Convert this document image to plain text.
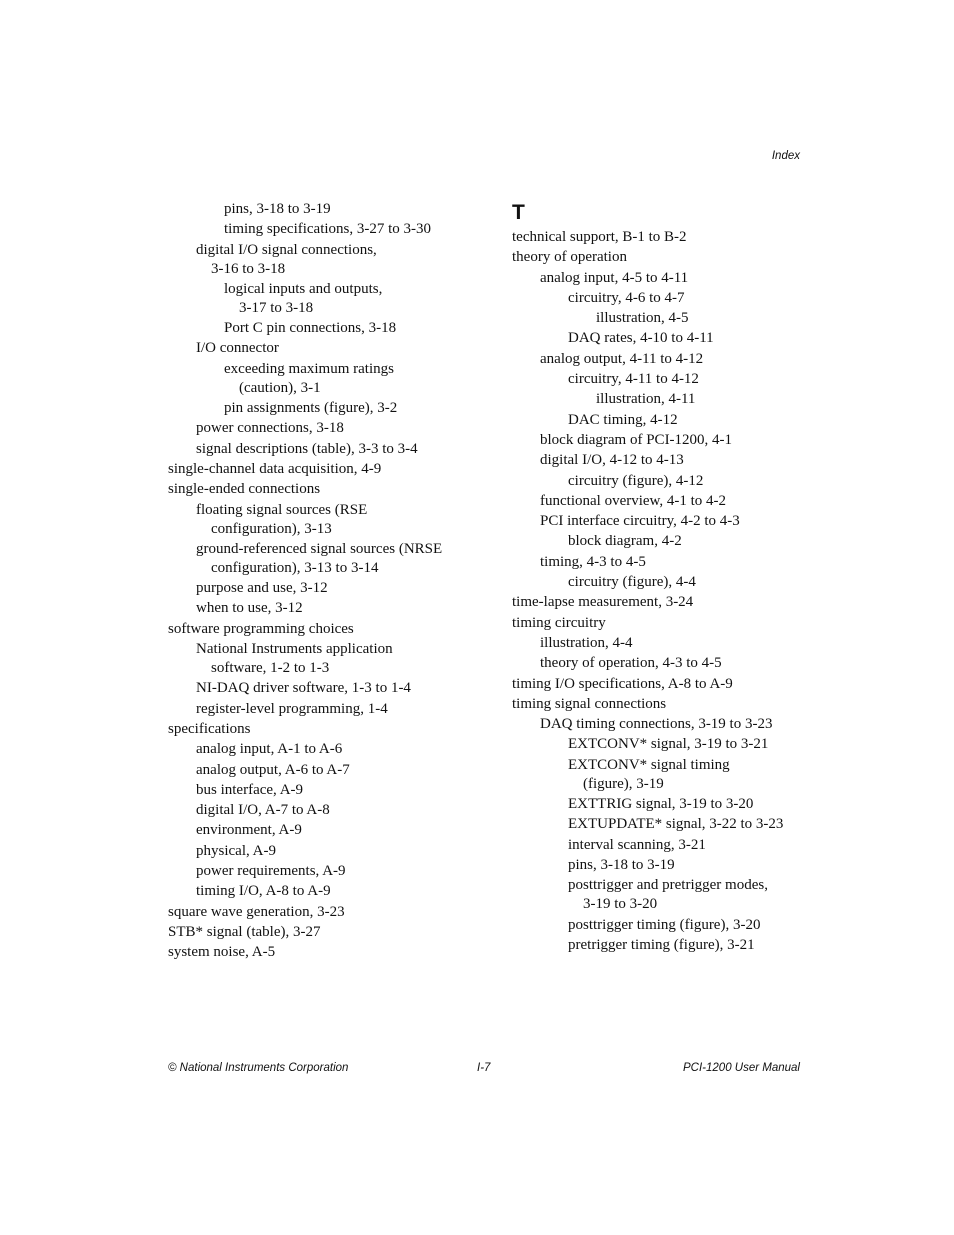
Index
pins, 3-18 to 3-19
timing specifications, 3-27 to 3-30
digital I/O signal connections,
3-16 to 3-18
logical inputs and outputs,
3-17 to 3-18
Port C pin connections, 3-18
I/O connector
exceeding maximum ratings
(caution), 3-1
pin assignments (figure), 3-2
power connections, 3-18
signal descriptions (table), 3-3 to 3-4
single-channel data acquisition, 4-9
single-ended connections
floating signal sources (RSE
configuration), 3-13
ground-referenced signal sources (NRSE
configuration), 3-13 to 3-14
purpose and use, 3-12
when to use, 3-12
software programming choices
National Instruments application
software, 1-2 to 1-3
NI-DAQ driver software, 1-3 to 1-4
register-level programming, 1-4
specifications
analog input, A-1 to A-6
analog output, A-6 to A-7
bus interface, A-9
digital I/O, A-7 to A-8
environment, A-9
physical, A-9
power requirements, A-9
timing I/O, A-8 to A-9
square wave generation, 3-23
STB* signal (table), 3-27
system noise, A-5
T
technical support, B-1 to B-2
theory of operation
analog input, 4-5 to 4-11
circuitry, 4-6 to 4-7
illustration, 4-5
DAQ rates, 4-10 to 4-11
analog output, 4-11 to 4-12
circuitry, 4-11 to 4-12
illustration, 4-11
DAC timing, 4-12
block diagram of PCI-1200, 4-1
digital I/O, 4-12 to 4-13
circuitry (figure), 4-12
functional overview, 4-1 to 4-2
PCI interface circuitry, 4-2 to 4-3
block diagram, 4-2
timing, 4-3 to 4-5
circuitry (figure), 4-4
time-lapse measurement, 3-24
timing circuitry
illustration, 4-4
theory of operation, 4-3 to 4-5
timing I/O specifications, A-8 to A-9
timing signal connections
DAQ timing connections, 3-19 to 3-23
EXTCONV* signal, 3-19 to 3-21
EXTCONV* signal timing
(figure), 3-19
EXTTRIG signal, 3-19 to 3-20
EXTUPDATE* signal, 3-22 to 3-23
interval scanning, 3-21
pins, 3-18 to 3-19
posttrigger and pretrigger modes,
3-19 to 3-20
posttrigger timing (figure), 3-20
pretrigger timing (figure), 3-21
© National Instruments Corporation	I-7	PCI-1200 User Manual
